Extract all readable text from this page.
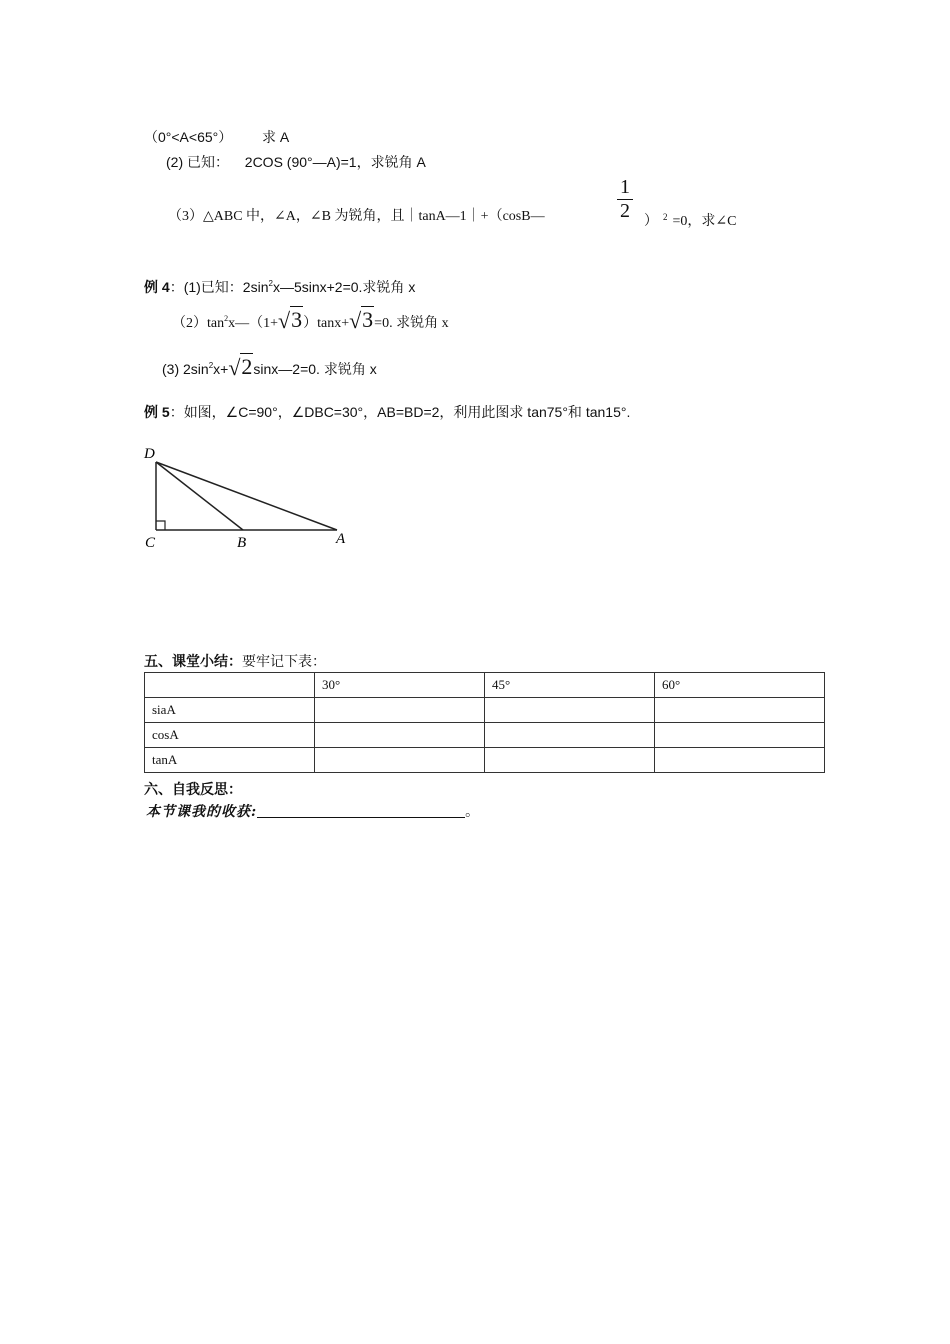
（0°<A<65°） 求 A
(2) 已知： 2COS (90°—A)=1，求锐角 A
（3）△ABC 中，∠A，∠B 为锐角，且｜tanA—1｜+（cosB—
1
2 ） $^2$ =0，求∠C
例 4：(1)已知：$2\sin^2x—5\sin x+2=0$.求锐角 x
$(2)\tan^2x—(1+√3)\tan x+√3=0$. 求锐角 x
(3) $2\sin^2x+√2\sin x—2=0$. 求锐角 x
例 5：如图，∠C=90°，∠DBC=30°，AB=BD=2，利用此图求 tan75°和 tan15°.
D
C	B	A
五、课堂小结：要牢记下表：
	30°	45°	60°
siaA			
cosA			
tanA			
六、自我反思：
本节课我的收获:	。
